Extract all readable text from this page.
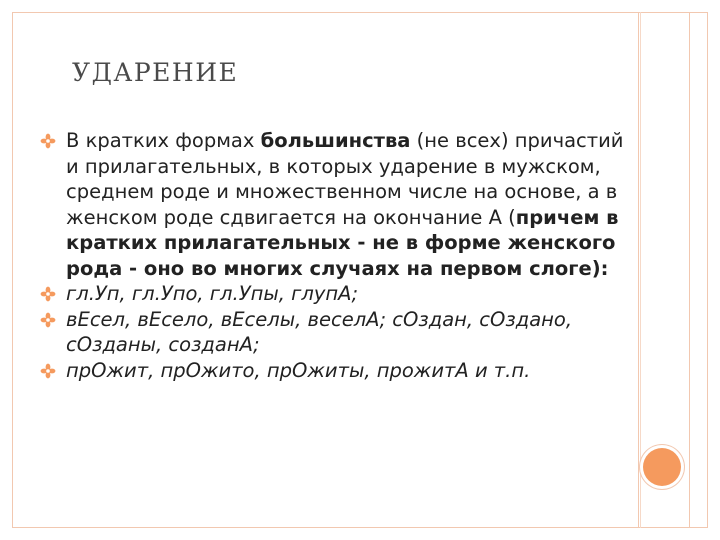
УДАРЕНИЕ

В кратких формах большинства (не всех) причастий и прилагательных, в которых ударение в мужском, среднем роде и множественном числе на основе, а в женском роде сдвигается на окончание А (причем в кратких прилагательных - не в форме женского рода - оно во многих случаях на первом слоге):

гл.Уп, гл.Упо, гл.Упы, глупА;

вЕсел, вЕсело, вЕселы, веселА; сОздан, сОздано, сОзданы, созданА;

прОжит, прОжито, прОжиты, прожитА и т.п.
